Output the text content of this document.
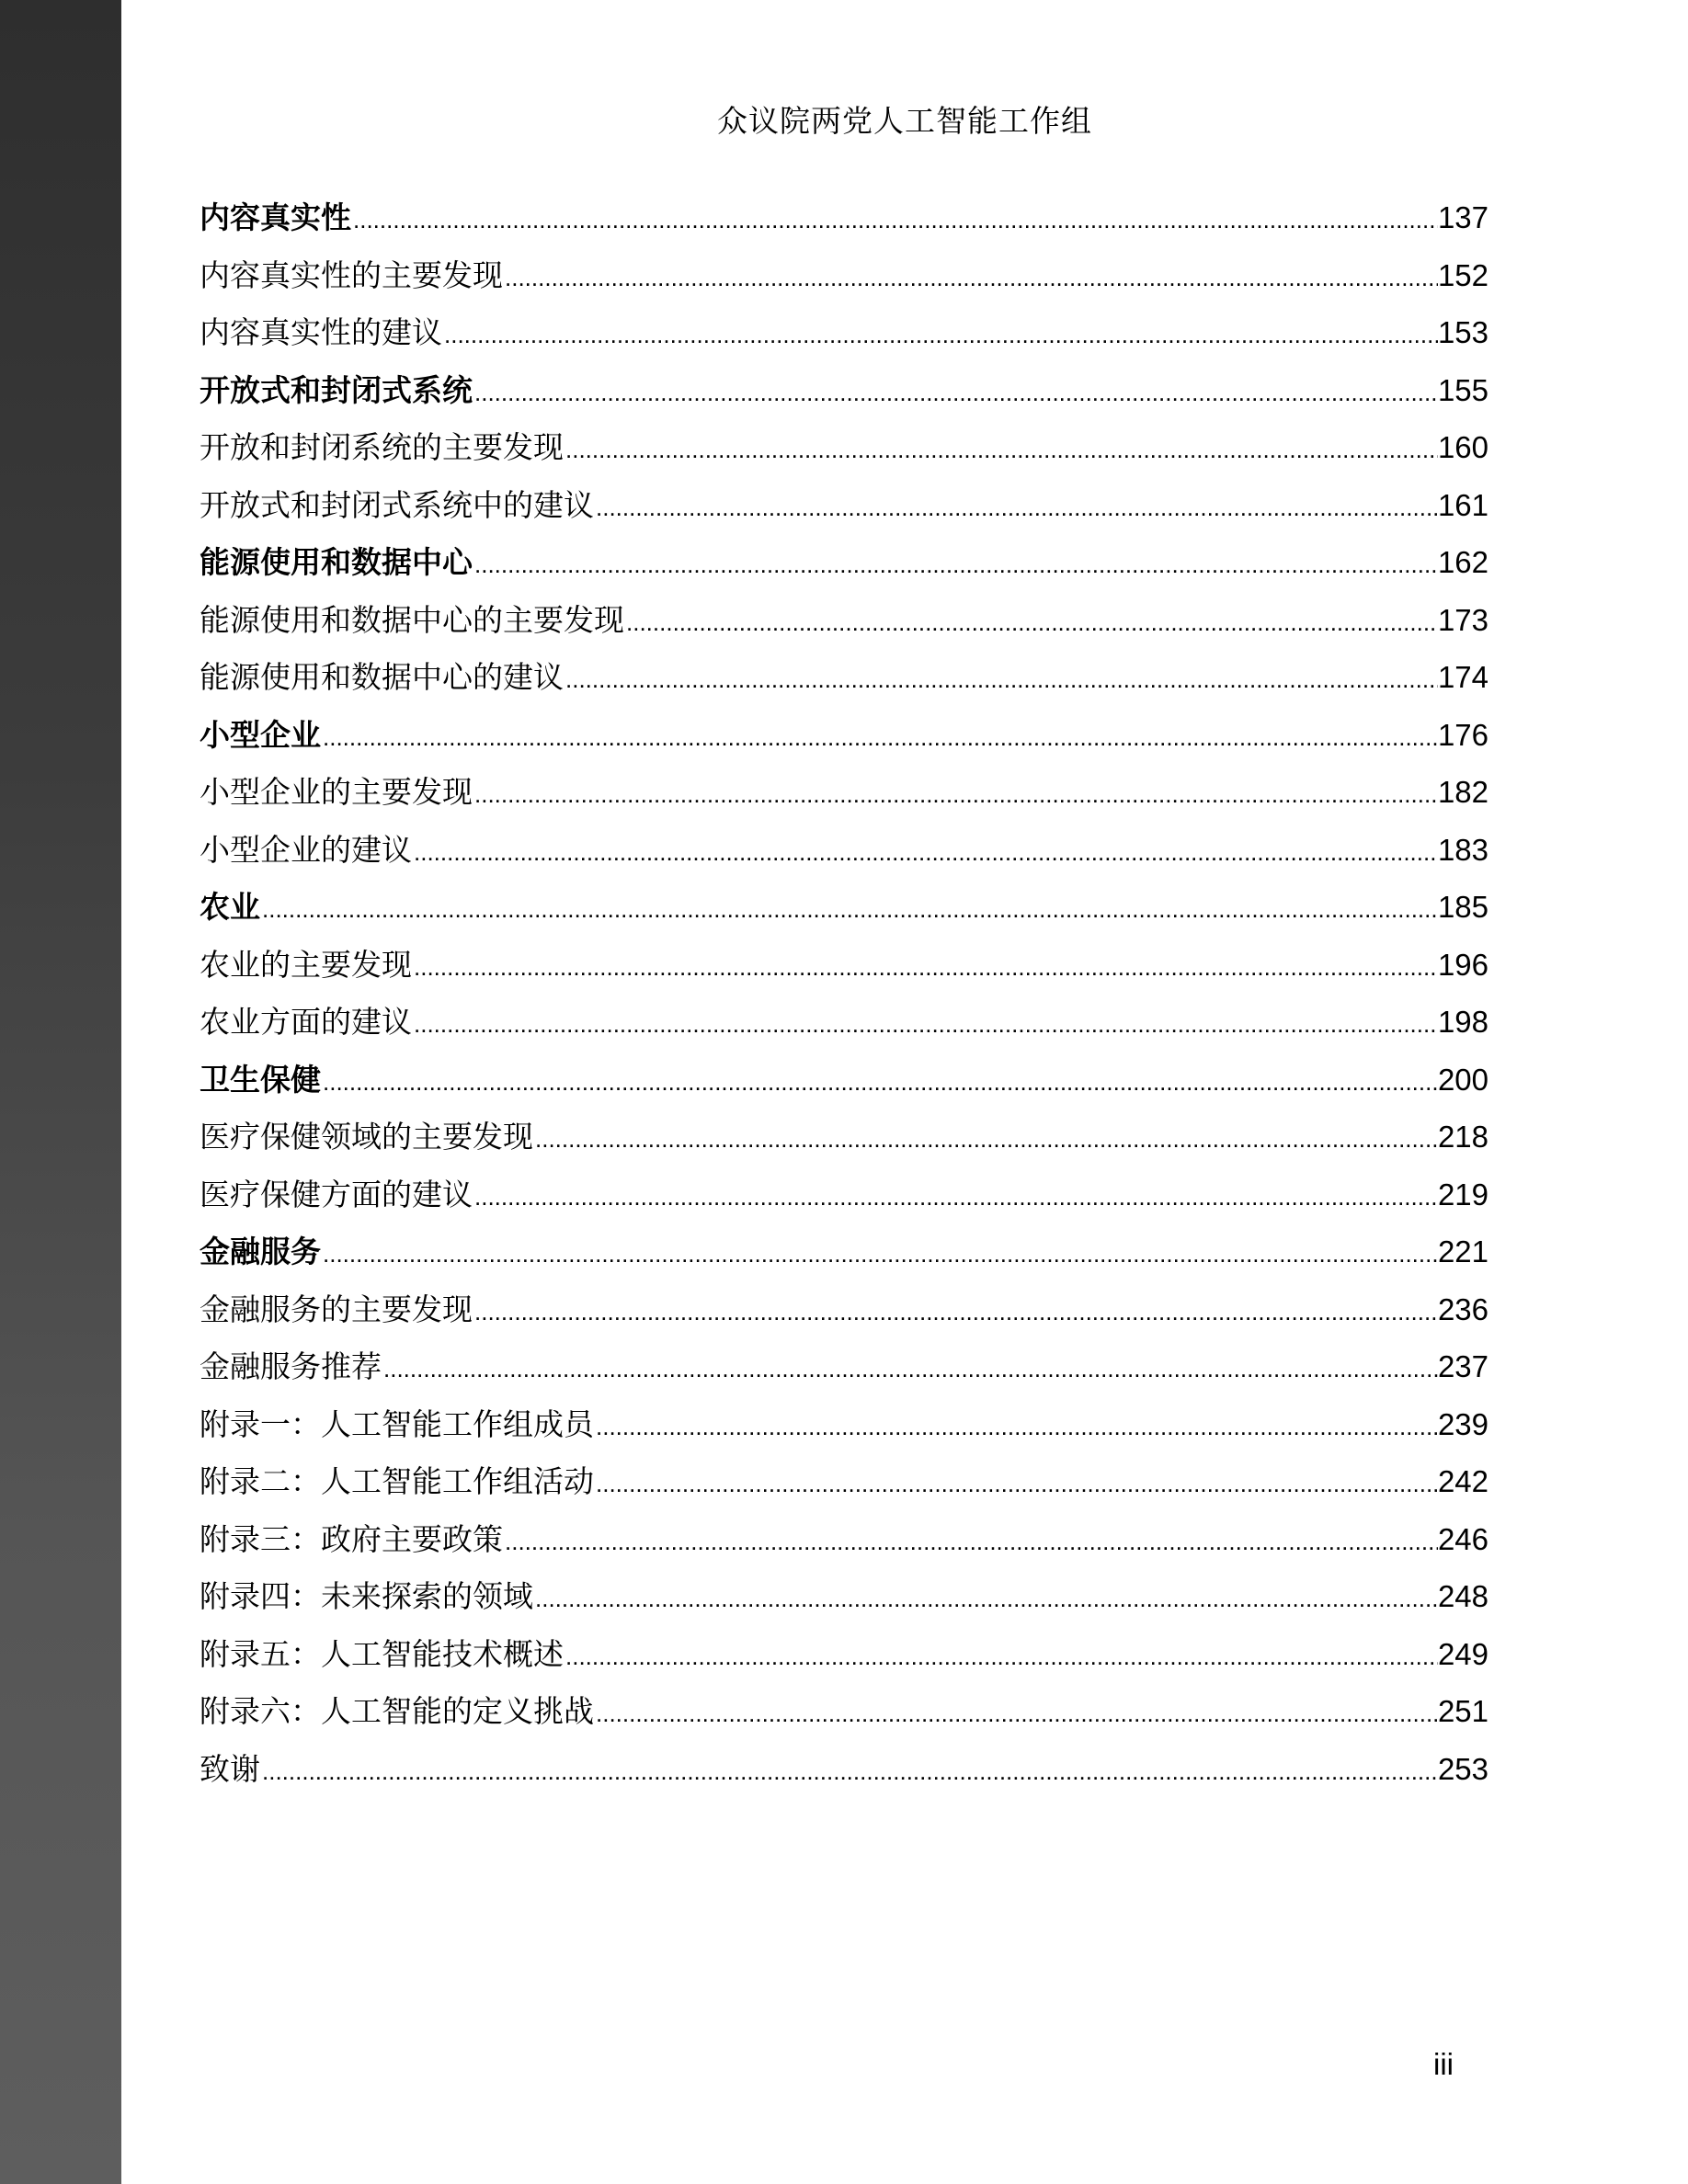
众议院两党人工智能工作组
内容真实性 .....	137
内容真实性的主要发现 .....	152
内容真实性的建议 .....	153
开放式和封闭式系统 .....	155
开放和封闭系统的主要发现 .....	160
开放式和封闭式系统中的建议 .....	161
能源使用和数据中心 .....	162
能源使用和数据中心的主要发现 .....	173
能源使用和数据中心的建议 .....	174
小型企业 .....	176
小型企业的主要发现 .....	182
小型企业的建议 .....	183
农业 .....	185
农业的主要发现 .....	196
农业方面的建议 .....	198
卫生保健 .....	200
医疗保健领域的主要发现 .....	218
医疗保健方面的建议 .....	219
金融服务 .....	221
金融服务的主要发现 .....	236
金融服务推荐 .....	237
附录一：人工智能工作组成员 .....	239
附录二：人工智能工作组活动 .....	242
附录三：政府主要政策 .....	246
附录四：未来探索的领域 .....	248
附录五：人工智能技术概述 .....	249
附录六：人工智能的定义挑战 .....	251
致谢 .....	253
iii
